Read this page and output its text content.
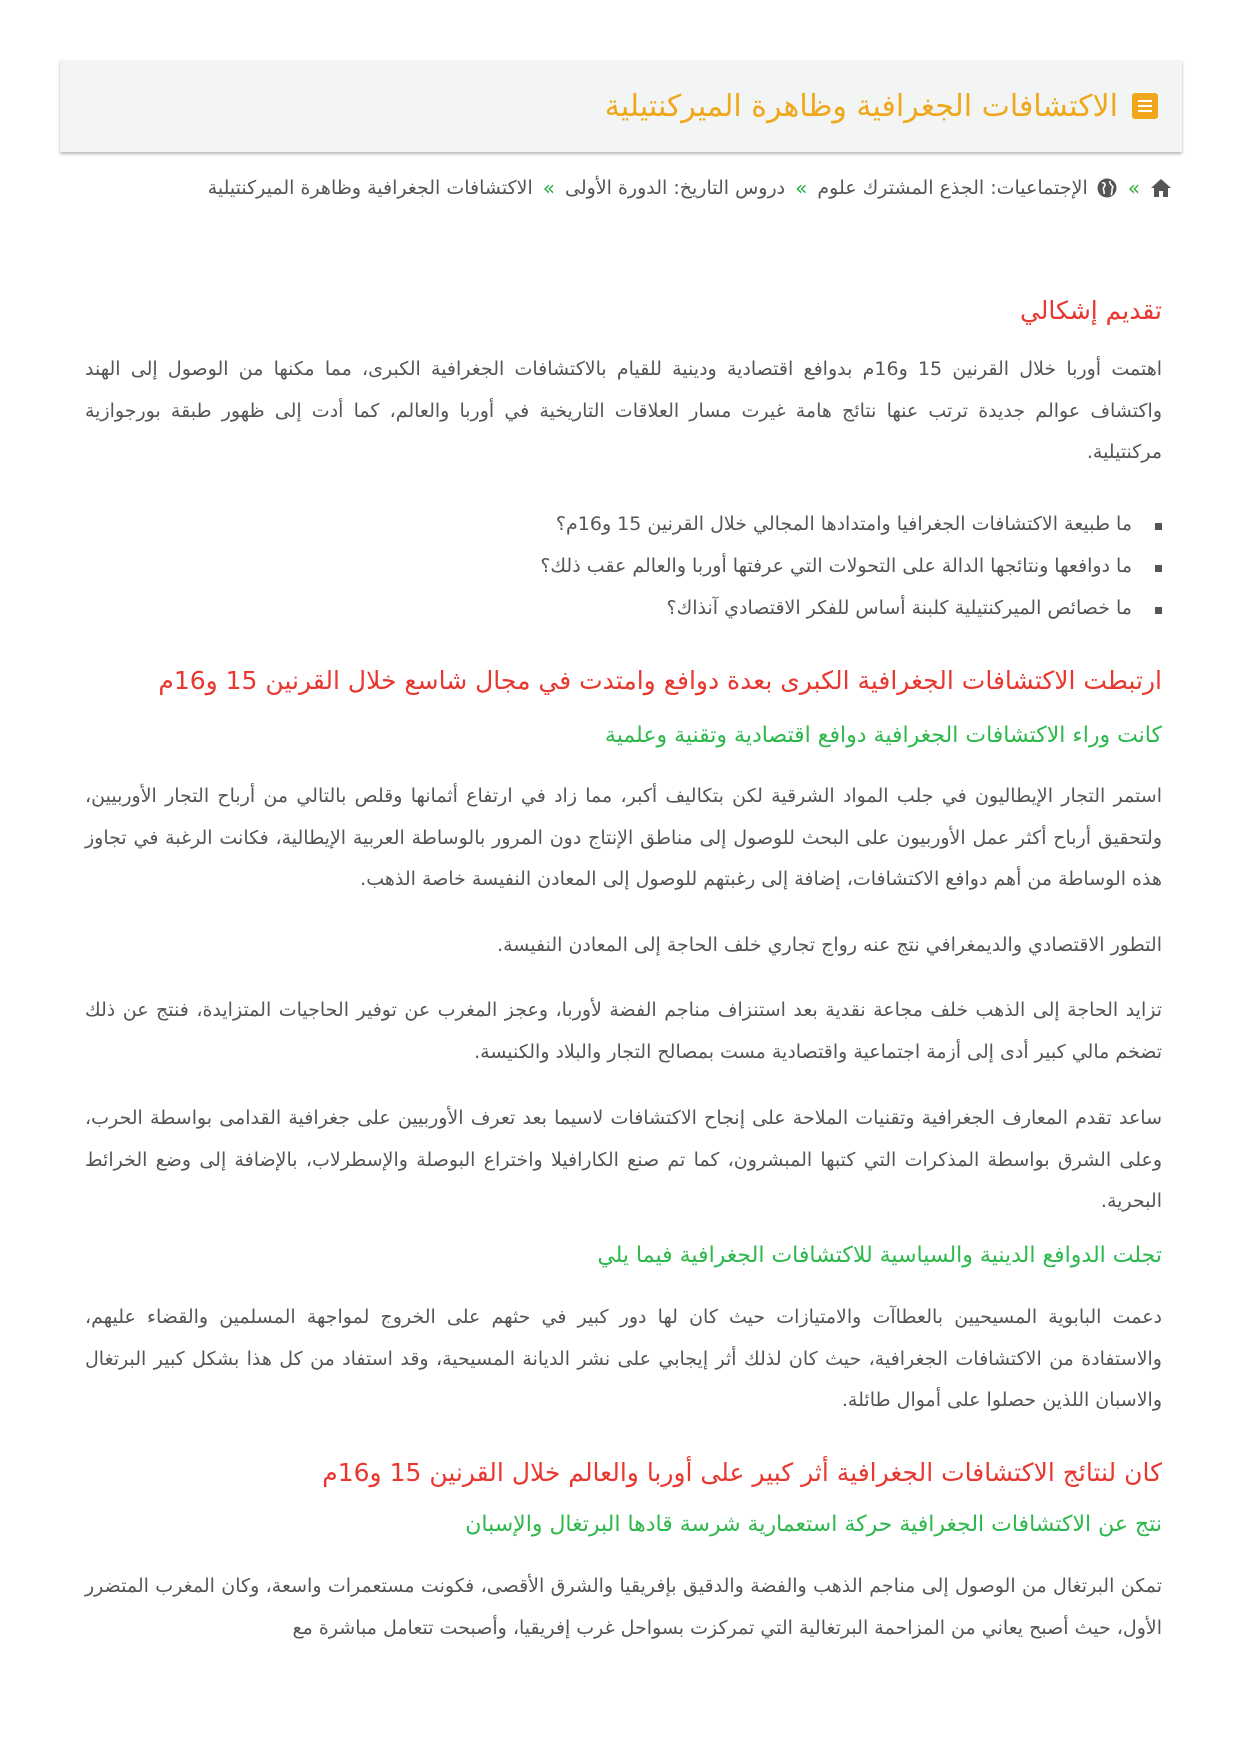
الاكتشافات الجغرافية وظاهرة الميركنتيلية
»
الإجتماعيات: الجذع المشترك علوم
»
دروس التاريخ: الدورة الأولى
»
الاكتشافات الجغرافية وظاهرة الميركنتيلية
تقديم إشكالي

اهتمت أوربا خلال القرنين 15 و16م بدوافع اقتصادية ودينية للقيام بالاكتشافات الجغرافية الكبرى، مما مكنها من الوصول إلى الهند واكتشاف عوالم جديدة ترتب عنها نتائج هامة غيرت مسار العلاقات التاريخية في أوربا والعالم، كما أدت إلى ظهور طبقة بورجوازية مركنتيلية.

ما طبيعة الاكتشافات الجغرافيا وامتدادها المجالي خلال القرنين 15 و16م؟
ما دوافعها ونتائجها الدالة على التحولات التي عرفتها أوربا والعالم عقب ذلك؟
ما خصائص الميركنتيلية كلبنة أساس للفكر الاقتصادي آنذاك؟
ارتبطت الاكتشافات الجغرافية الكبرى بعدة دوافع وامتدت في مجال شاسع خلال القرنين 15 و16م
كانت وراء الاكتشافات الجغرافية دوافع اقتصادية وتقنية وعلمية

استمر التجار الإيطاليون في جلب المواد الشرقية لكن بتكاليف أكبر، مما زاد في ارتفاع أثمانها وقلص بالتالي من أرباح التجار الأوربيين، ولتحقيق أرباح أكثر عمل الأوربيون على البحث للوصول إلى مناطق الإنتاج دون المرور بالوساطة العربية الإيطالية، فكانت الرغبة في تجاوز هذه الوساطة من أهم دوافع الاكتشافات، إضافة إلى رغبتهم للوصول إلى المعادن النفيسة خاصة الذهب.

التطور الاقتصادي والديمغرافي نتج عنه رواج تجاري خلف الحاجة إلى المعادن النفيسة.

تزايد الحاجة إلى الذهب خلف مجاعة نقدية بعد استنزاف مناجم الفضة لأوربا، وعجز المغرب عن توفير الحاجيات المتزايدة، فنتج عن ذلك تضخم مالي كبير أدى إلى أزمة اجتماعية واقتصادية مست بمصالح التجار والبلاد والكنيسة.

ساعد تقدم المعارف الجغرافية وتقنيات الملاحة على إنجاح الاكتشافات لاسيما بعد تعرف الأوربيين على جغرافية القدامى بواسطة الحرب، وعلى الشرق بواسطة المذكرات التي كتبها المبشرون، كما تم صنع الكارافيلا واختراع البوصلة والإسطرلاب، بالإضافة إلى وضع الخرائط البحرية.

تجلت الدوافع الدينية والسياسية للاكتشافات الجغرافية فيما يلي

دعمت البابوية المسيحيين بالعطاآت والامتيازات حيث كان لها دور كبير في حثهم على الخروج لمواجهة المسلمين والقضاء عليهم، والاستفادة من الاكتشافات الجغرافية، حيث كان لذلك أثر إيجابي على نشر الديانة المسيحية، وقد استفاد من كل هذا بشكل كبير البرتغال والاسبان اللذين حصلوا على أموال طائلة.

كان لنتائج الاكتشافات الجغرافية أثر كبير على أوربا والعالم خلال القرنين 15 و16م
نتج عن الاكتشافات الجغرافية حركة استعمارية شرسة قادها البرتغال والإسبان

تمكن البرتغال من الوصول إلى مناجم الذهب والفضة والدقيق بإفريقيا والشرق الأقصى، فكونت مستعمرات واسعة، وكان المغرب المتضرر الأول، حيث أصبح يعاني من المزاحمة البرتغالية التي تمركزت بسواحل غرب إفريقيا، وأصبحت تتعامل مباشرة مع
